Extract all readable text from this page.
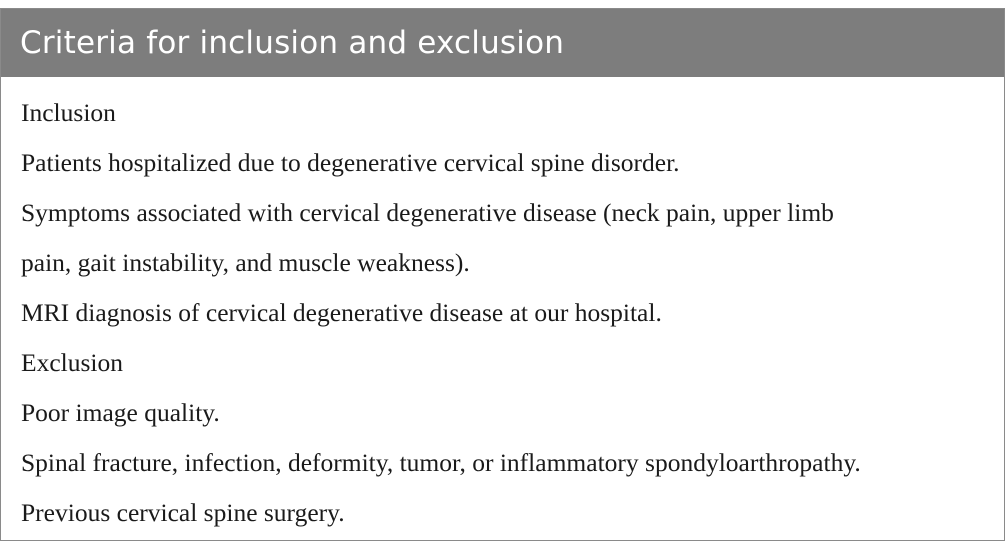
Criteria for inclusion and exclusion
Inclusion
Patients hospitalized due to degenerative cervical spine disorder.
Symptoms associated with cervical degenerative disease (neck pain, upper limb
pain, gait instability, and muscle weakness).
MRI diagnosis of cervical degenerative disease at our hospital.
Exclusion
Poor image quality.
Spinal fracture, infection, deformity, tumor, or inflammatory spondyloarthropathy.
Previous cervical spine surgery.
